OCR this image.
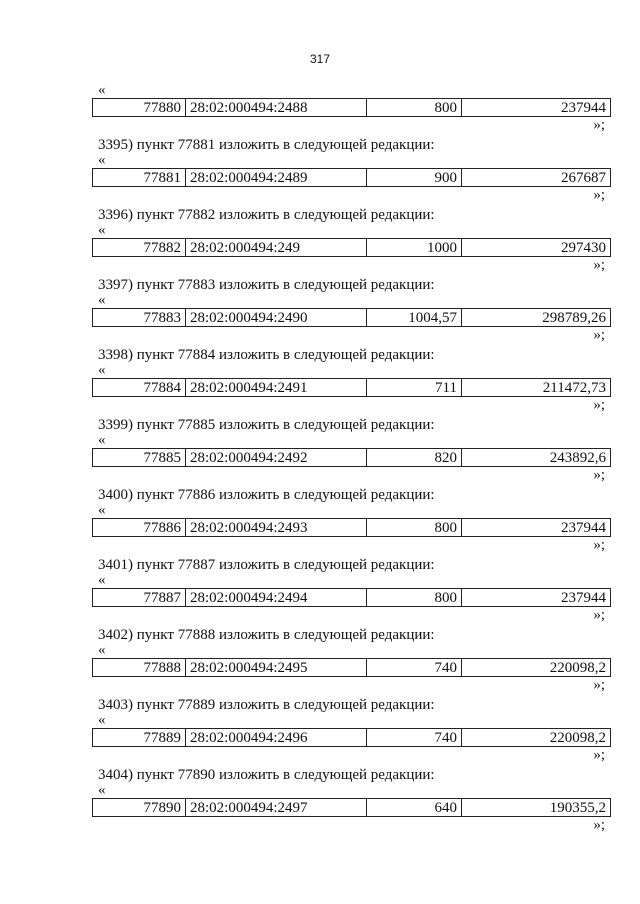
317
«
77880	28:02:000494:2488	800	237944
»;
3395) пункт 77881 изложить в следующей редакции:
«
77881	28:02:000494:2489	900	267687
»;
3396) пункт 77882 изложить в следующей редакции:
«
77882	28:02:000494:249	1000	297430
»;
3397) пункт 77883 изложить в следующей редакции:
«
77883	28:02:000494:2490	1004,57	298789,26
»;
3398) пункт 77884 изложить в следующей редакции:
«
77884	28:02:000494:2491	711	211472,73
»;
3399) пункт 77885 изложить в следующей редакции:
«
77885	28:02:000494:2492	820	243892,6
»;
3400) пункт 77886 изложить в следующей редакции:
«
77886	28:02:000494:2493	800	237944
»;
3401) пункт 77887 изложить в следующей редакции:
«
77887	28:02:000494:2494	800	237944
»;
3402) пункт 77888 изложить в следующей редакции:
«
77888	28:02:000494:2495	740	220098,2
»;
3403) пункт 77889 изложить в следующей редакции:
«
77889	28:02:000494:2496	740	220098,2
»;
3404) пункт 77890 изложить в следующей редакции:
«
77890	28:02:000494:2497	640	190355,2
»;
